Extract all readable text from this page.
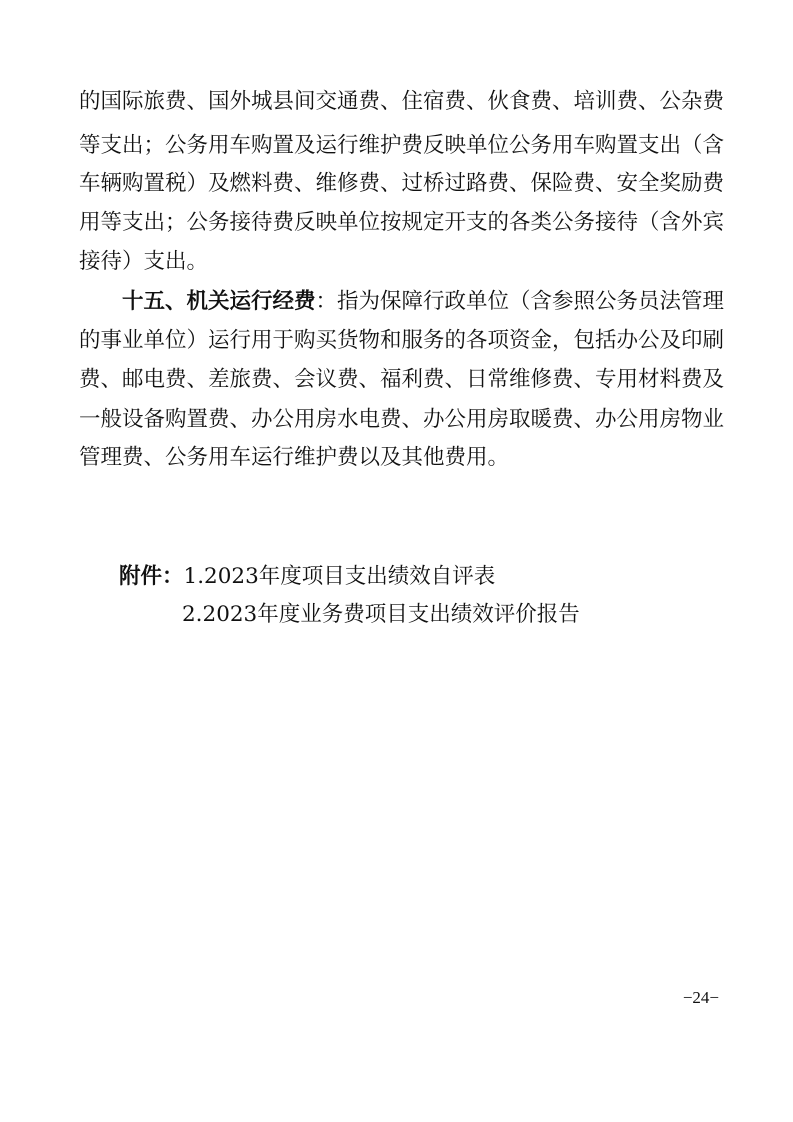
的国际旅费、国外城县间交通费、住宿费、伙食费、培训费、公杂费
等支出；公务用车购置及运行维护费反映单位公务用车购置支出（含
车辆购置税）及燃料费、维修费、过桥过路费、保险费、安全奖励费
用等支出；公务接待费反映单位按规定开支的各类公务接待（含外宾
接待）支出。
十五、机关运行经费：指为保障行政单位（含参照公务员法管理
的事业单位）运行用于购买货物和服务的各项资金，包括办公及印刷
费、邮电费、差旅费、会议费、福利费、日常维修费、专用材料费及
一般设备购置费、办公用房水电费、办公用房取暖费、办公用房物业
管理费、公务用车运行维护费以及其他费用。
附件：1.2023年度项目支出绩效自评表
2.2023年度业务费项目支出绩效评价报告
−24−
